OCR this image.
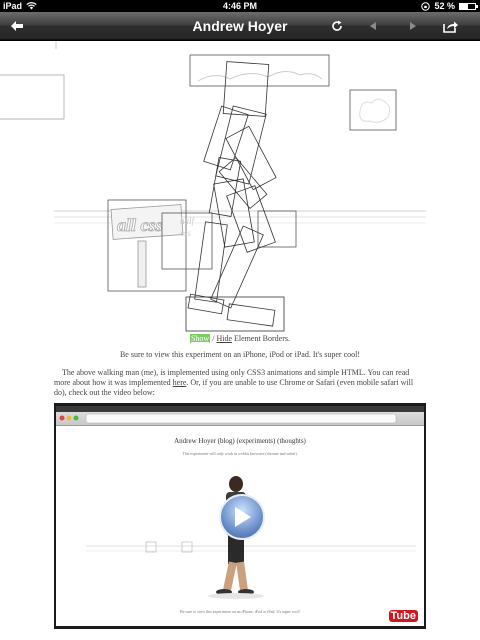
iPad	4:46 PM	52 %
Andrew Hoyer
all css half
ess
Show / Hide Element Borders.
Be sure to view this experiment on an iPhone, iPod or iPad. It's super cool!
The above walking man (me), is implemented using only CSS3 animations and simple HTML. You can read more about how it was implemented here. Or, if you are unable to use Chrome or Safari (even mobile safari will do), check out the video below:
Andrew Hoyer (blog) (experiments) (thoughts)
This experiment will only work in webkit browsers (chrome and safari).
Be sure to view this experiment on an iPhone, iPod or iPad. It's super cool!	You Tube
